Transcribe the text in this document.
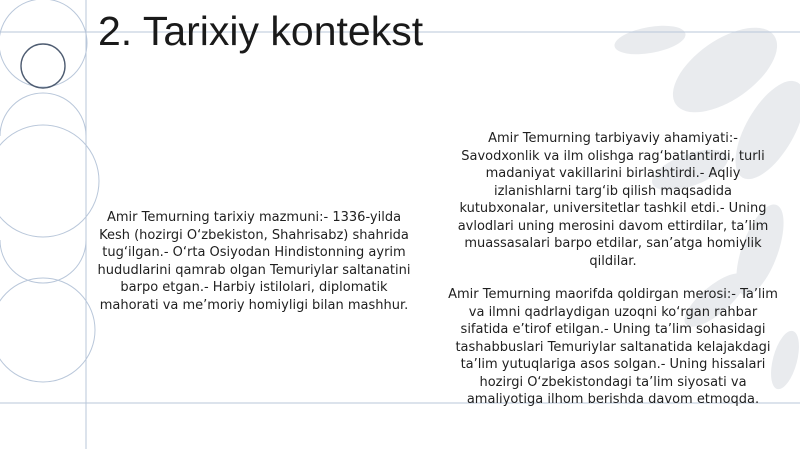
2. Tarixiy kontekst

Amir Temurning tarixiy mazmuni:- 1336-yilda Kesh (hozirgi O‘zbekiston, Shahrisabz) shahrida tug‘ilgan.- O‘rta Osiyodan Hindistonning ayrim hududlarini qamrab olgan Temuriylar saltanatini barpo etgan.- Harbiy istilolari, diplomatik mahorati va me’moriy homiyligi bilan mashhur.

Amir Temurning tarbiyaviy ahamiyati:- Savodxonlik va ilm olishga rag‘batlantirdi, turli madaniyat vakillarini birlashtirdi.- Aqliy izlanishlarni targ‘ib qilish maqsadida kutubxonalar, universitetlar tashkil etdi.- Uning avlodlari uning merosini davom ettirdilar, ta’lim muassasalari barpo etdilar, san’atga homiylik qildilar.

Amir Temurning maorifda qoldirgan merosi:- Ta’lim va ilmni qadrlaydigan uzoqni ko‘rgan rahbar sifatida e’tirof etilgan.- Uning ta’lim sohasidagi tashabbuslari Temuriylar saltanatida kelajakdagi ta’lim yutuqlariga asos solgan.- Uning hissalari hozirgi O‘zbekistondagi ta’lim siyosati va amaliyotiga ilhom berishda davom etmoqda.
